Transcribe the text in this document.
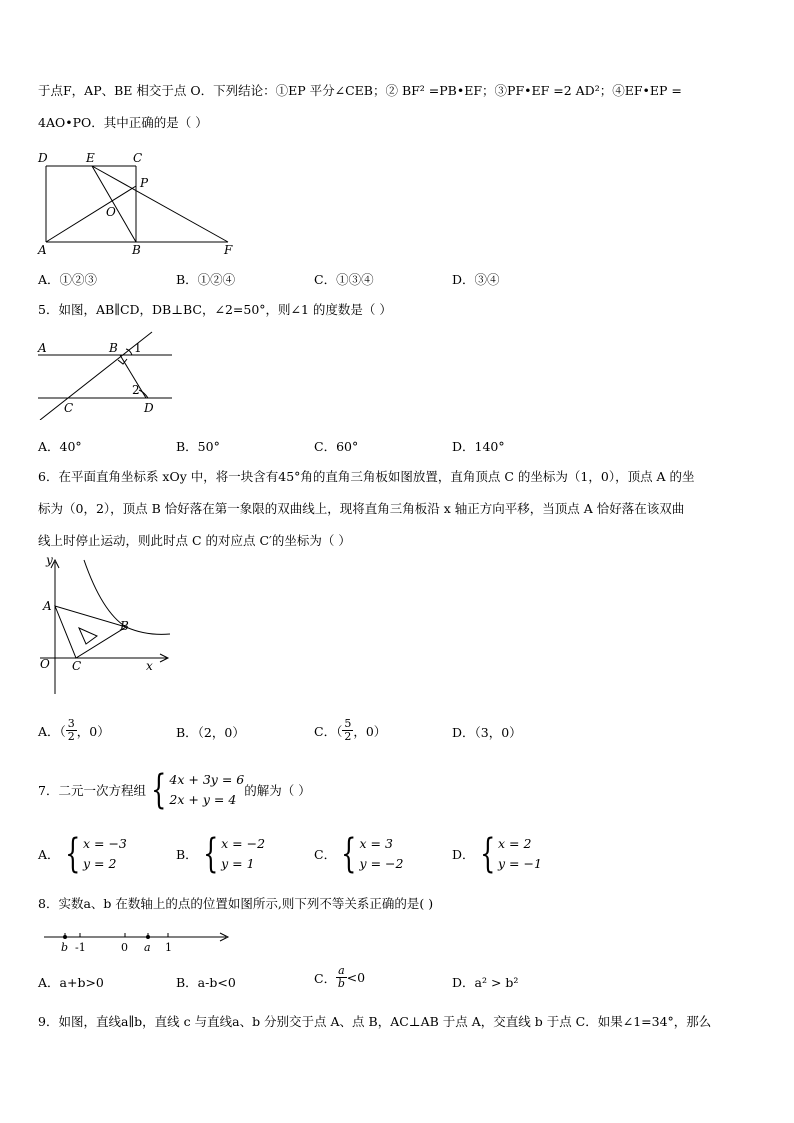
于点F，AP、BE 相交于点 O．下列结论：①EP 平分∠CEB；② BF² =PB•EF；③PF•EF =2 AD²；④EF•EP =
4AO•PO．其中正确的是（ ）
D	E	C
P
O
A	B	F
A．①②③	B．①②④	C．①③④	D．③④
5．如图，AB∥CD，DB⊥BC，∠2=50°，则∠1 的度数是（ ）
A	B 1
2
C	D
A．40°	B．50°	C．60°	D．140°
6．在平面直角坐标系 xOy 中，将一块含有45°角的直角三角板如图放置，直角顶点 C 的坐标为（1，0），顶点 A 的坐
标为（0，2），顶点 B 恰好落在第一象限的双曲线上，现将直角三角板沿 x 轴正方向平移，当顶点 A 恰好落在该双曲
线上时停止运动，则此时点 C 的对应点 C′的坐标为（ ）
y
A
B
O C	x
A．（ $\frac{3}{2}$ ，0）	B．（2，0）	C．（ $\frac{5}{2}$ ，0）	D．（3，0）
7．二元一次方程组 { 4x + 3y = 6
2x + y = 4
的解为（ ）
A． { x = −3
y = 2
B． { x = −2
y = 1
C． { x = 3
y = −2
D． { x = 2
y = −1
8．实数a、b 在数轴上的点的位置如图所示,则下列不等关系正确的是( )
b -1	0 a 1
A．a+b>0	B．a-b<0	C． $\frac{a}{b} <0$	D．a² > b²
9．如图，直线a∥b，直线 c 与直线a、b 分别交于点 A、点 B，AC⊥AB 于点 A，交直线 b 于点 C．如果∠1=34°，那么
